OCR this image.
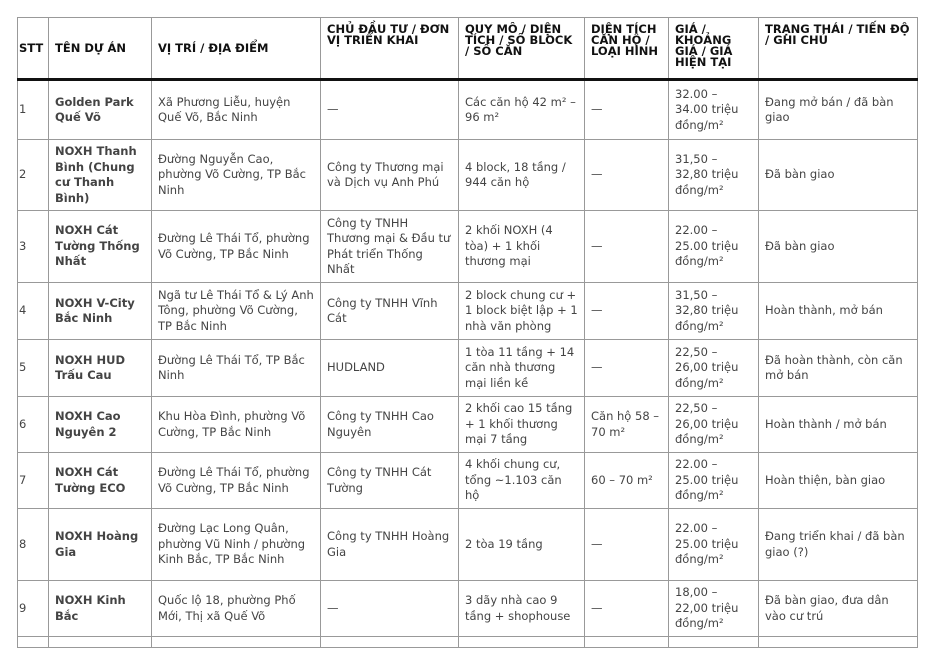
STT	TÊN DỰ ÁN	VỊ TRÍ / ĐỊA ĐIỂM	CHỦ ĐẦU TƯ / ĐƠN VỊ TRIỂN KHAI	QUY MÔ / DIỆN TÍCH / SỐ BLOCK / SỐ CĂN	DIỆN TÍCH CĂN HỘ / LOẠI HÌNH	GIÁ / KHOẢNG GIÁ / GIÁ HIỆN TẠI	TRẠNG THÁI / TIẾN ĐỘ / GHI CHÚ
1	Golden Park Quế Võ	Xã Phương Liễu, huyện Quế Võ, Bắc Ninh	—	Các căn hộ 42 m² – 96 m²	—	32.00 – 34.00 triệu đồng/m²	Đang mở bán / đã bàn giao
2	NOXH Thanh Bình (Chung cư Thanh Bình)	Đường Nguyễn Cao, phường Võ Cường, TP Bắc Ninh	Công ty Thương mại và Dịch vụ Anh Phú	4 block, 18 tầng / 944 căn hộ	—	31,50 – 32,80 triệu đồng/m²	Đã bàn giao
3	NOXH Cát Tường Thống Nhất	Đường Lê Thái Tổ, phường Võ Cường, TP Bắc Ninh	Công ty TNHH Thương mại & Đầu tư Phát triển Thống Nhất	2 khối NOXH (4 tòa) + 1 khối thương mại	—	22.00 – 25.00 triệu đồng/m²	Đã bàn giao
4	NOXH V-City Bắc Ninh	Ngã tư Lê Thái Tổ & Lý Anh Tông, phường Võ Cường, TP Bắc Ninh	Công ty TNHH Vĩnh Cát	2 block chung cư + 1 block biệt lập + 1 nhà văn phòng	—	31,50 – 32,80 triệu đồng/m²	Hoàn thành, mở bán
5	NOXH HUD Trấu Cau	Đường Lê Thái Tổ, TP Bắc Ninh	HUDLAND	1 tòa 11 tầng + 14 căn nhà thương mại liền kề	—	22,50 – 26,00 triệu đồng/m²	Đã hoàn thành, còn căn mở bán
6	NOXH Cao Nguyên 2	Khu Hòa Đình, phường Võ Cường, TP Bắc Ninh	Công ty TNHH Cao Nguyên	2 khối cao 15 tầng + 1 khối thương mại 7 tầng	Căn hộ 58 – 70 m²	22,50 – 26,00 triệu đồng/m²	Hoàn thành / mở bán
7	NOXH Cát Tường ECO	Đường Lê Thái Tổ, phường Võ Cường, TP Bắc Ninh	Công ty TNHH Cát Tường	4 khối chung cư, tổng ~1.103 căn hộ	60 – 70 m²	22.00 – 25.00 triệu đồng/m²	Hoàn thiện, bàn giao
8	NOXH Hoàng Gia	Đường Lạc Long Quân, phường Vũ Ninh / phường Kinh Bắc, TP Bắc Ninh	Công ty TNHH Hoàng Gia	2 tòa 19 tầng	—	22.00 – 25.00 triệu đồng/m²	Đang triển khai / đã bàn giao (?)
9	NOXH Kinh Bắc	Quốc lộ 18, phường Phố Mới, Thị xã Quế Võ	—	3 dãy nhà cao 9 tầng + shophouse	—	18,00 – 22,00 triệu đồng/m²	Đã bàn giao, đưa dân vào cư trú
